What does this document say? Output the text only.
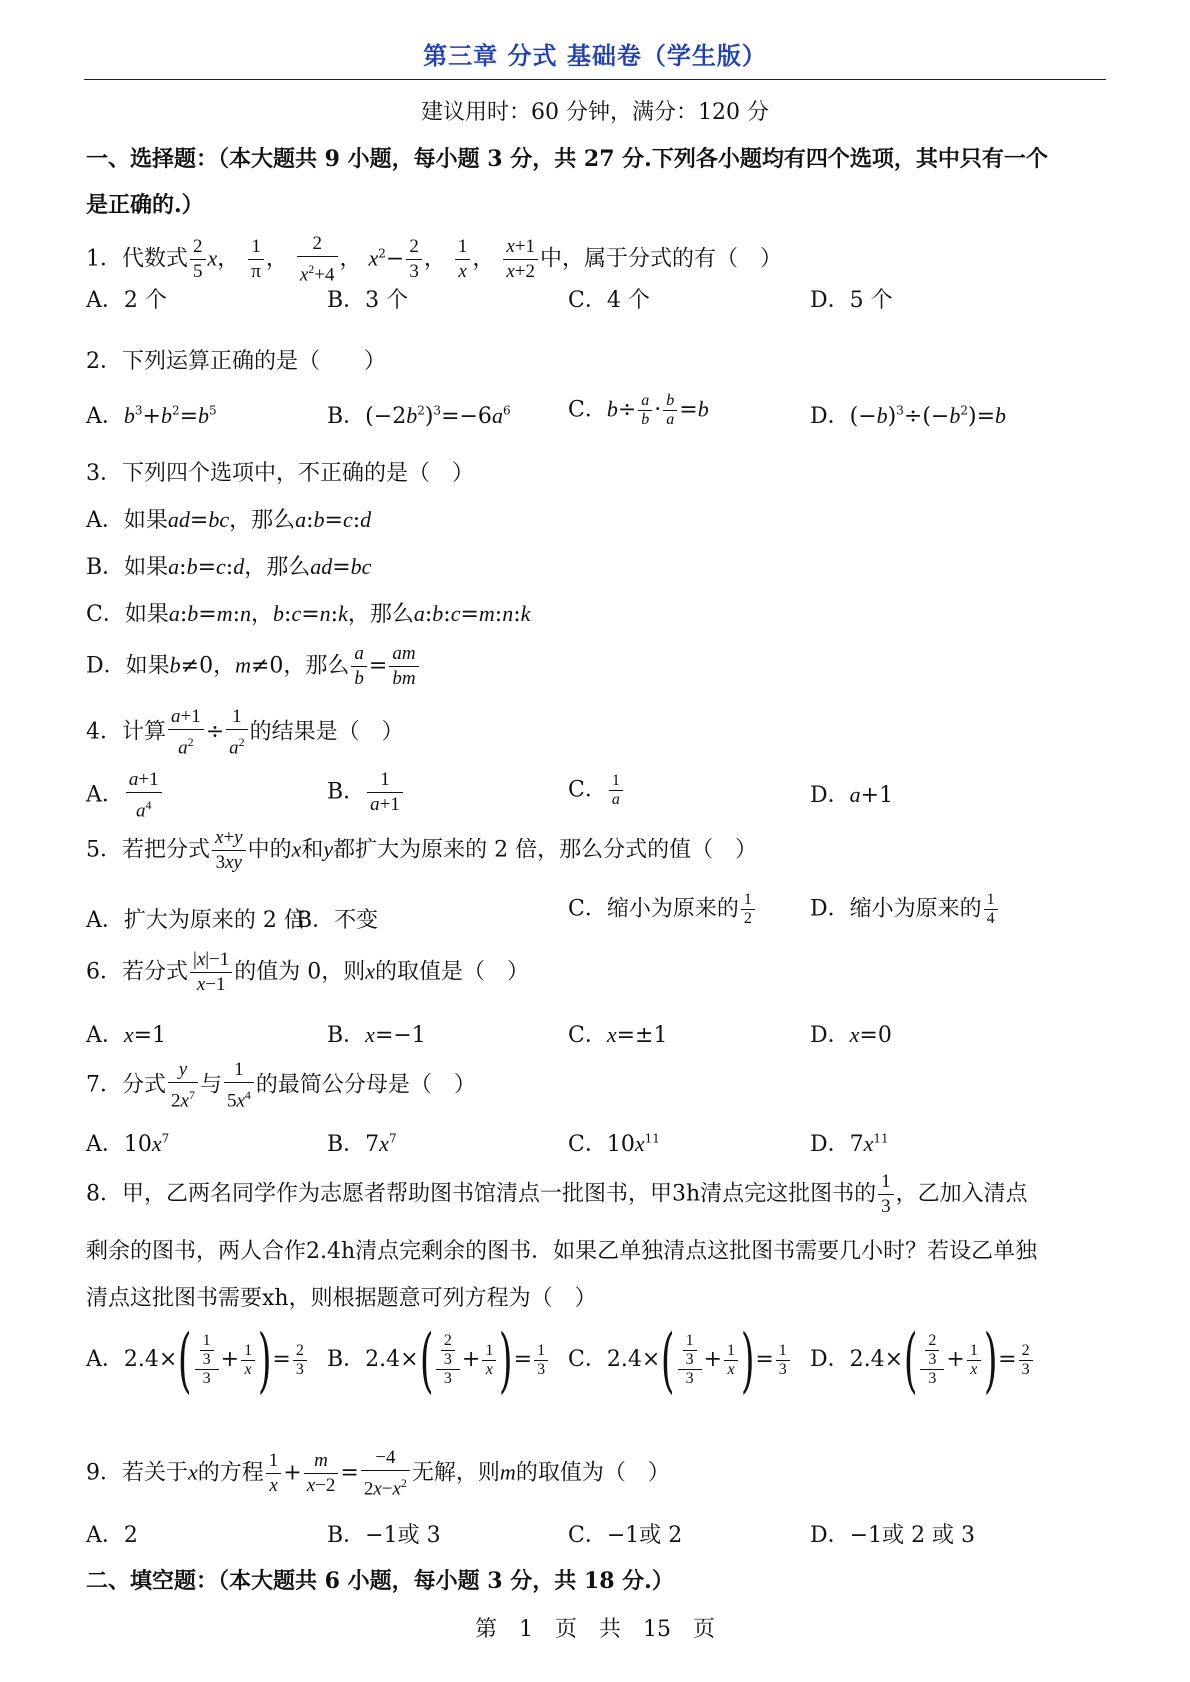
第三章 分式 基础卷（学生版）
建议用时：60 分钟，满分：120 分
一、选择题：（本大题共 9 小题，每小题 3 分，共 27 分.下列各小题均有四个选项，其中只有一个
是正确的.）
1．代数式 $\frac{2}{5}$ x， $\frac{1}{\pi}$ ， $\frac{2}{x^2+4}$ ， $x^2- \frac{2}{3}$ ， $\frac{1}{x}$ ， $\frac{x+1}{x+2}$ 中，属于分式的有（　）
A．2 个	B．3 个	C．4 个	D．5 个
2．下列运算正确的是（　　）
A．$b^3+b^2=b^5$	B．$(-2b^2)^3=-6a^6$	C．$b\div \frac{a}{b} \cdot \frac{b}{a} =b$	D．$(-b)^3\div(-b^2)=b$
3．下列四个选项中，不正确的是（　）
A．如果ad=bc，那么a:b=c:d
B．如果a:b=c:d，那么ad=bc
C．如果a:b=m:n，b:c=n:k，那么a:b:c=m:n:k
D．如果b≠0，m≠0，那么 $\frac{a}{b} = \frac{am}{bm}$
4．计算 $\frac{a+1}{a^2} \div \frac{1}{a^2}$ 的结果是（　）
A． $\frac{a+1}{a^4}$	B． $\frac{1}{a+1}$	C． $\frac{1}{a}$	D．a+1
5．若把分式 $\frac{x+y}{3xy}$ 中的x和y都扩大为原来的 2 倍，那么分式的值（　）
A．扩大为原来的 2 倍
B．不变	C．缩小为原来的 $\frac{1}{2}$	D．缩小为原来的 $\frac{1}{4}$
6．若分式 $\frac{|x|-1}{x-1}$ 的值为 0，则x的取值是（　）
A．x=1	B．x=−1	C．x=±1	D．x=0
7．分式 $\frac{y}{2x^7}$ 与 $\frac{1}{5x^4}$ 的最简公分母是（　）
A．$10x^7$	B．$7x^7$	C．$10x^{11}$	D．$7x^{11}$
8．甲，乙两名同学作为志愿者帮助图书馆清点一批图书，甲3h清点完这批图书的 $\frac{1}{3}$ ，乙加入清点
剩余的图书，两人合作2.4h清点完剩余的图书．如果乙单独清点这批图书需要几小时？若设乙单独
清点这批图书需要xh，则根据题意可列方程为（　）
A．$2.4\times( \frac{\frac{1}{3}}{3} + \frac{1}{x}$ )= $\frac{2}{3}$ B．$2.4\times( \frac{\frac{2}{3}}{3} + \frac{1}{x}$ )= $\frac{1}{3}$ C．$2.4\times( \frac{\frac{1}{3}}{3} + \frac{1}{x}$ )= $\frac{1}{3}$ D．$2.4\times( \frac{\frac{2}{3}}{3} + \frac{1}{x}$ )= $\frac{2}{3}$
9．若关于x的方程 $\frac{1}{x} + \frac{m}{x-2} = \frac{-4}{2x-x^2}$ 无解，则m的取值为（　）
A．2	B．−1或 3	C．−1或 2	D．−1或 2 或 3
二、填空题：（本大题共 6 小题，每小题 3 分，共 18 分.）
第　1　页　共　15　页
